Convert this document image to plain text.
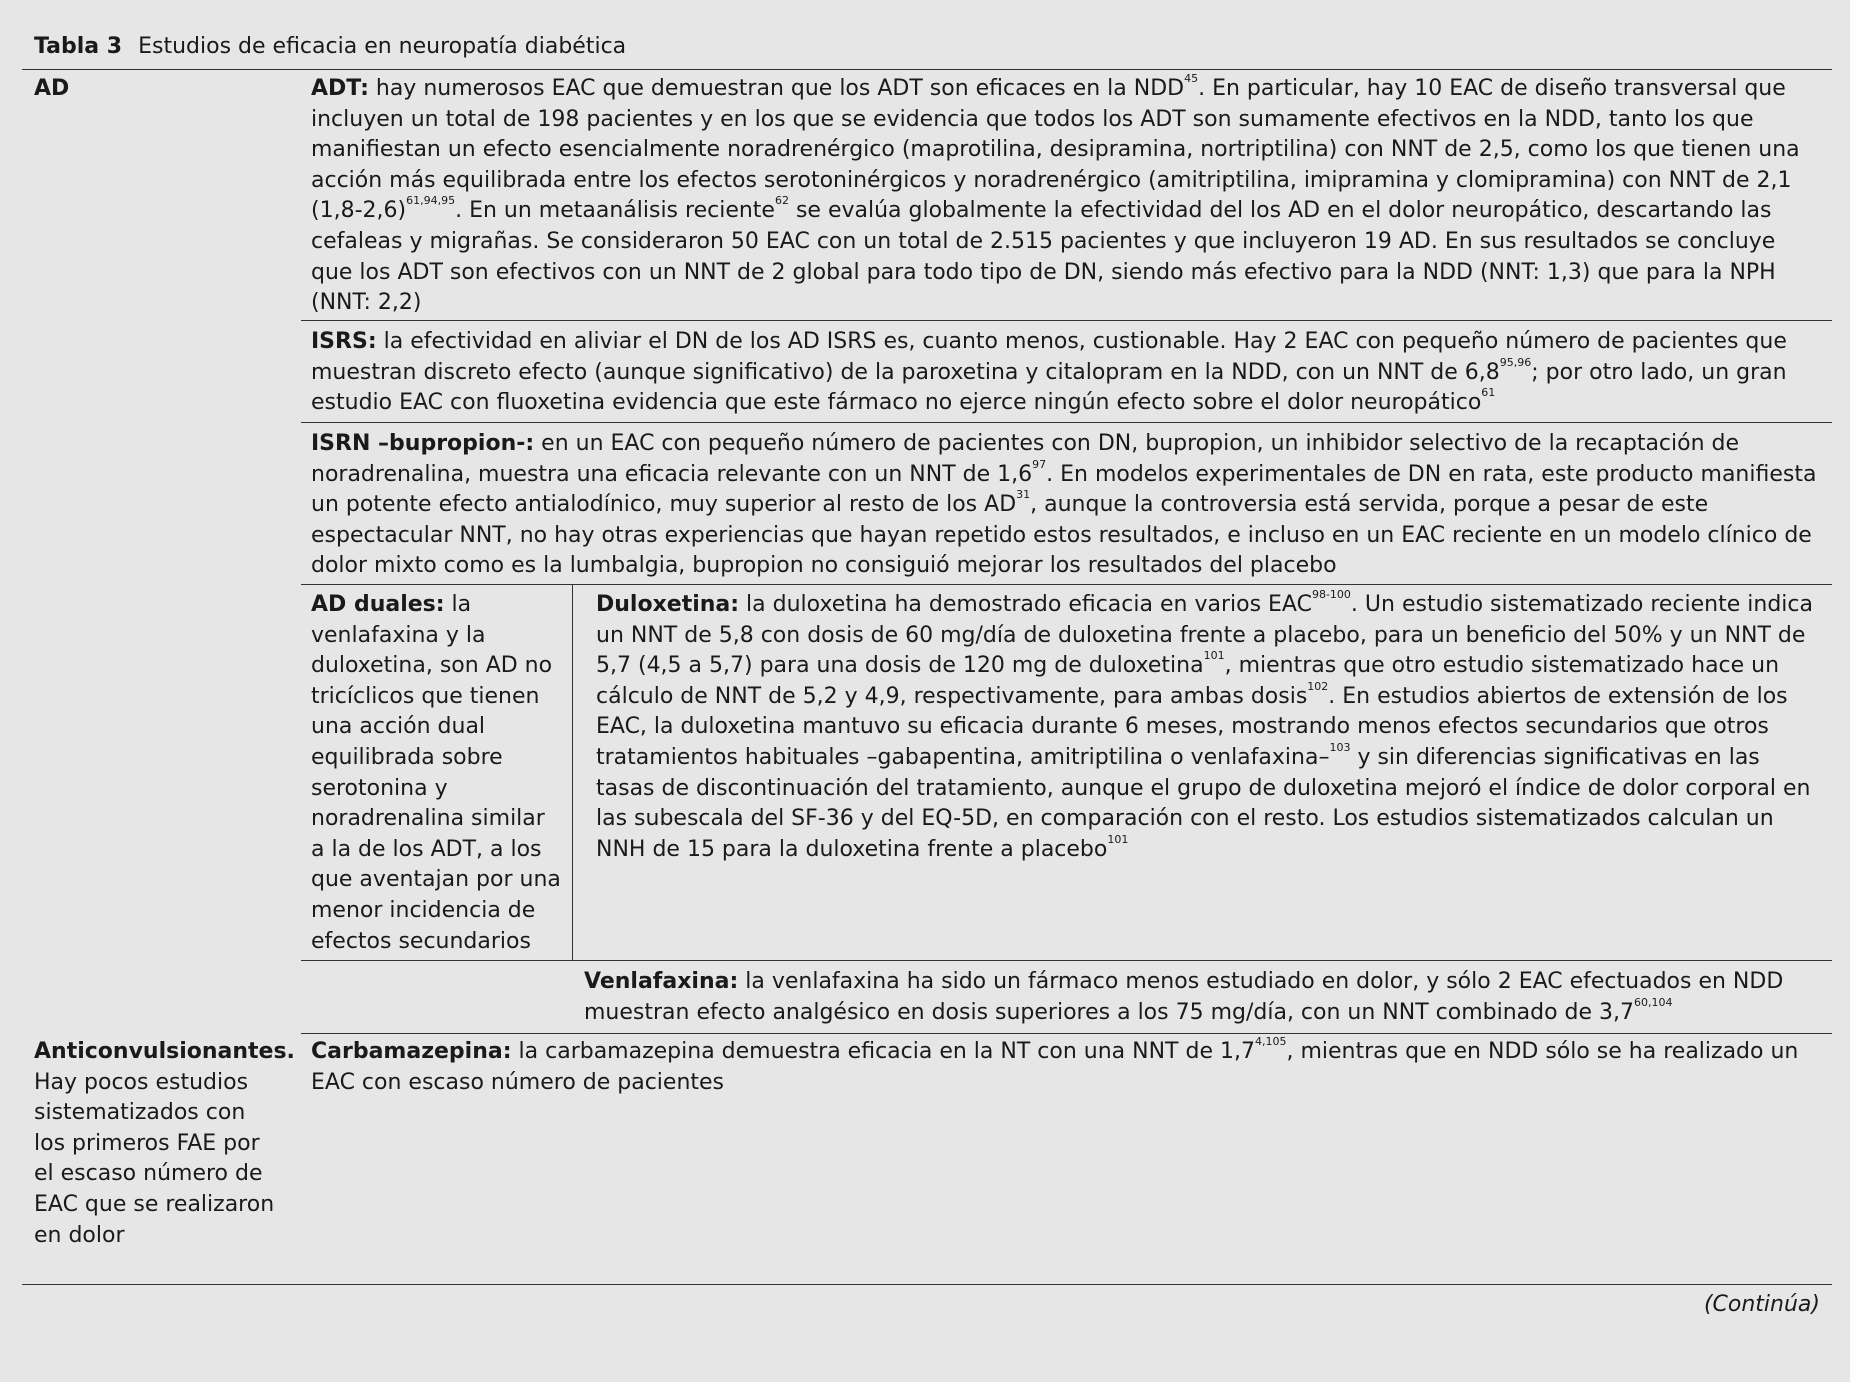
Tabla 3 Estudios de eficacia en neuropatía diabética
AD	ADT: hay numerosos EAC que demuestran que los ADT son eficaces en la NDD$^{45}$. En particular, hay 10 EAC de diseño transversal que incluyen un total de 198 pacientes y en los que se evidencia que todos los ADT son sumamente efectivos en la NDD, tanto los que manifiestan un efecto esencialmente noradrenérgico (maprotilina, desipramina, nortriptilina) con NNT de 2,5, como los que tienen una acción más equilibrada entre los efectos serotoninérgicos y noradrenérgico (amitriptilina, imipramina y clomipramina) con NNT de 2,1 $(1,8-2,6)^{61,94,95}$. En un metaanálisis reciente$^{62}$ se evalúa globalmente la efectividad del los AD en el dolor neuropático, descartando las cefaleas y migrañas. Se consideraron 50 EAC con un total de 2.515 pacientes y que incluyeron 19 AD. En sus resultados se concluye que los ADT son efectivos con un NNT de 2 global para todo tipo de DN, siendo más efectivo para la NDD (NNT: 1,3) que para la NPH (NNT: 2,2)
ISRS: la efectividad en aliviar el DN de los AD ISRS es, cuanto menos, custionable. Hay 2 EAC con pequeño número de pacientes que muestran discreto efecto (aunque significativo) de la paroxetina y citalopram en la NDD, con un NNT de 6,8$^{95,96}$; por otro lado, un gran estudio EAC con fluoxetina evidencia que este fármaco no ejerce ningún efecto sobre el dolor neuropático$^{61}$
ISRN –bupropion-: en un EAC con pequeño número de pacientes con DN, bupropion, un inhibidor selectivo de la recaptación de noradrenalina, muestra una eficacia relevante con un NNT de $1,6^{97}$. En modelos experimentales de DN en rata, este producto manifiesta un potente efecto antialodínico, muy superior al resto de los AD$^{31}$, aunque la controversia está servida, porque a pesar de este espectacular NNT, no hay otras experiencias que hayan repetido estos resultados, e incluso en un EAC reciente en un modelo clínico de dolor mixto como es la lumbalgia, bupropion no consiguió mejorar los resultados del placebo
AD duales: la venlafaxina y la duloxetina, son AD no tricíclicos que tienen una acción dual equilibrada sobre serotonina y noradrenalina similar a la de los ADT, a los que aventajan por una menor incidencia de efectos secundarios
Duloxetina: la duloxetina ha demostrado eficacia en varios EAC$^{98-100}$. Un estudio sistematizado reciente indica un NNT de 5,8 con dosis de 60 mg/día de duloxetina frente a placebo, para un beneficio del 50% y un NNT de 5,7 (4,5 a 5,7) para una dosis de 120 mg de duloxetina$^{101}$, mientras que otro estudio sistematizado hace un cálculo de NNT de 5,2 y 4,9, respectivamente, para ambas dosis$^{102}$. En estudios abiertos de extensión de los EAC, la duloxetina mantuvo su eficacia durante 6 meses, mostrando menos efectos secundarios que otros tratamientos habituales –gabapentina, amitriptilina o venlafaxina–$^{103}$ y sin diferencias significativas en las tasas de discontinuación del tratamiento, aunque el grupo de duloxetina mejoró el índice de dolor corporal en las subescala del SF-36 y del EQ-5D, en comparación con el resto. Los estudios sistematizados calculan un NNH de 15 para la duloxetina frente a placebo$^{101}$
Venlafaxina: la venlafaxina ha sido un fármaco menos estudiado en dolor, y sólo 2 EAC efectuados en NDD muestran efecto analgésico en dosis superiores a los 75 mg/día, con un NNT combinado de 3,7$^{60,104}$
Anticonvulsionantes. Hay pocos estudios sistematizados con los primeros FAE por el escaso número de EAC que se realizaron en dolor
Carbamazepina: la carbamazepina demuestra eficacia en la NT con una NNT de 1,7$^{4,105}$, mientras que en NDD sólo se ha realizado un EAC con escaso número de pacientes
(Continúa)
